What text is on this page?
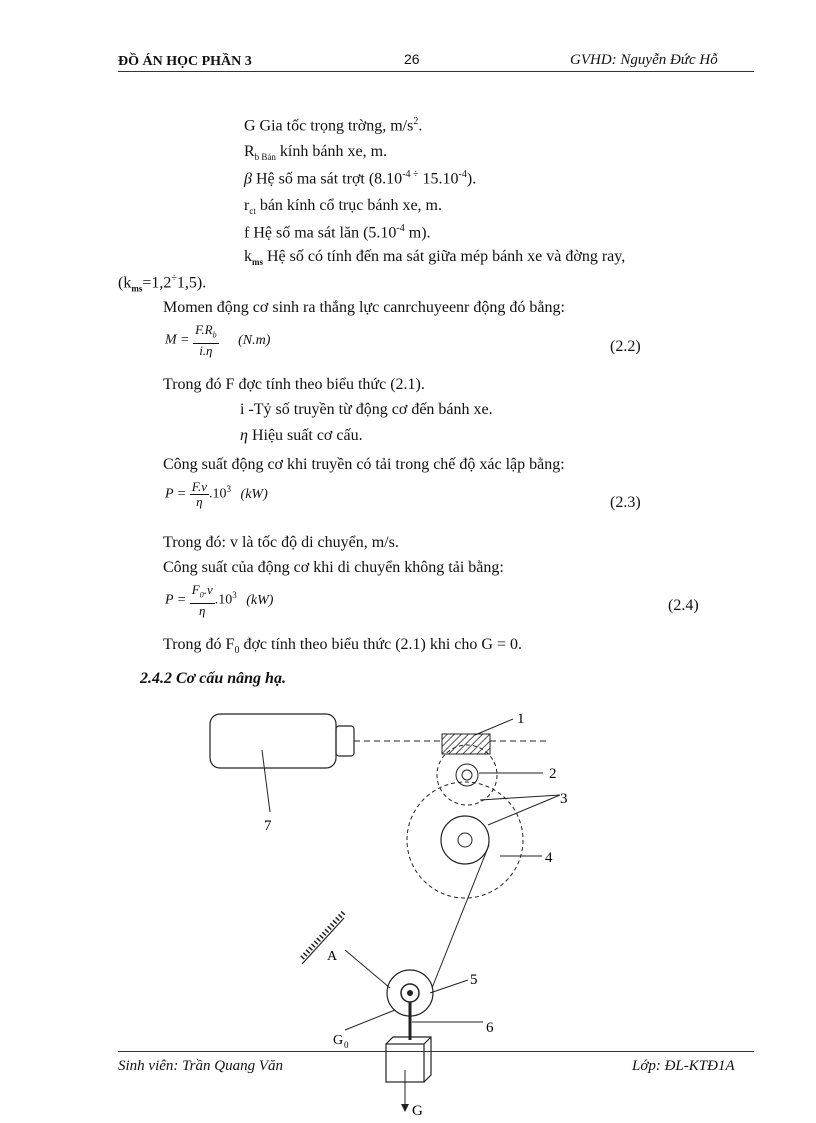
ĐỒ ÁN HỌC PHẦN 3	26	GVHD: Nguyễn Đức Hỗ
G Gia tốc trọng trờng, $m/s^2$.
$R_{b Bán}$ kính bánh xe, m.
β Hệ số ma sát trợt ($8.10^{-4 \div}$ $15.10^{-4}$).
$r_{ct}$ bán kính cổ trục bánh xe, m.
f Hệ số ma sát lăn ($5.10^{-4}$ m).
$k_{ms}$ Hệ số có tính đến ma sát giữa mép bánh xe và đờng ray,
$(k_{ms}=1,2^\div 1,5)$.
Momen động cơ sinh ra thắng lực canrchuyeenr động đó bằng:
$M = \frac{F.R_b}{i.\eta} (N.m)$	(2.2)
Trong đó F đợc tính theo biểu thức (2.1).
i -Tỷ số truyền từ động cơ đến bánh xe.
η Hiệu suất cơ cấu.
Công suất động cơ khi truyền có tải trong chế độ xác lập bằng:
$P = \frac{F.v}{\eta} .10^3$ (kW)	(2.3)
Trong đó: v là tốc độ di chuyển, m/s.
Công suất của động cơ khi di chuyển không tải bằng:
$P = \frac{F_0.v}{\eta} .10^3$ (kW)	(2.4)
Trong đó $F_0$ đợc tính theo biểu thức (2.1) khi cho G = 0.
2.4.2 Cơ cấu nâng hạ.
7
1
2
4
3
A
5
6
G 0
G
Sinh viên: Trần Quang Văn	Lớp: ĐL-KTĐ1A
